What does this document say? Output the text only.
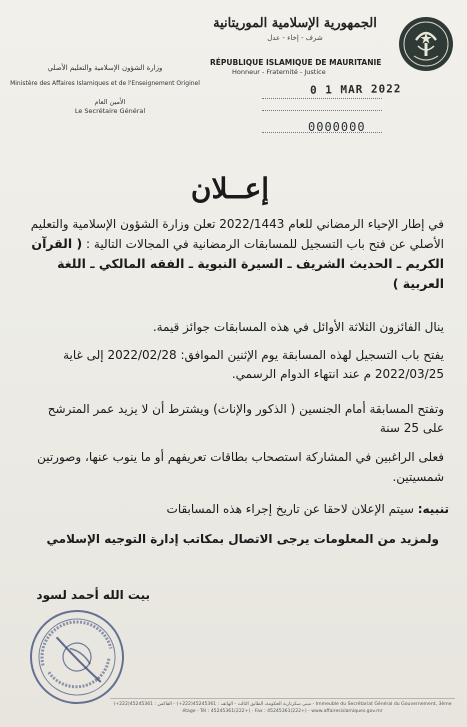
الجمهورية الإسلامية الموريتانية
شرف - إخاء - عدل
RÉPUBLIQUE ISLAMIQUE DE MAURITANIE
Honneur - Fraternité - Justice
وزارة الشؤون الإسلامية والتعليم الأصلي
Ministère des Affaires Islamiques et de l'Enseignement Originel
الأمين العام
Le Secrétaire Général
0 1 MAR 2022
0000000
إعــلان
في إطار الإحياء الرمضاني للعام 2022/1443 تعلن وزارة الشؤون الإسلامية والتعليم الأصلي عن فتح باب التسجيل للمسابقات الرمضانية في المجالات التالية : ( القرآن الكريم ـ الحديث الشريف ـ السيرة النبوية ـ الفقه المالكي ـ اللغة العربية )
ينال الفائزون الثلاثة الأوائل في هذه المسابقات جوائز قيمة.
يفتح باب التسجيل لهذه المسابقة يوم الإثنين الموافق: 2022/02/28 إلى غاية 2022/03/25 م عند انتهاء الدوام الرسمي.
وتفتح المسابقة أمام الجنسين ( الذكور والإناث) ويشترط أن لا يزيد عمر المترشح على 25 سنة
فعلى الراغبين في المشاركة استصحاب بطاقات تعريفهم أو ما ينوب عنها، وصورتين شمسيتين.
تنبيه: سيتم الإعلان لاحقا عن تاريخ إجراء هذه المسابقات
ولمزيد من المعلومات يرجى الاتصال بمكاتب إدارة التوجيه الإسلامي
بيت الله أحمد لسود
مبنى سكرتارية الحكومة، الطابق الثالث - الهاتف : 45245361(222+) - الفاكس : 45245361(222+) - Immeuble du Secrétariat Général du Gouvernement, 3ème étage - Tél : 45245361(222+) - Fax : 45245361(222+) - www.affairesislamiques.gov.mr
